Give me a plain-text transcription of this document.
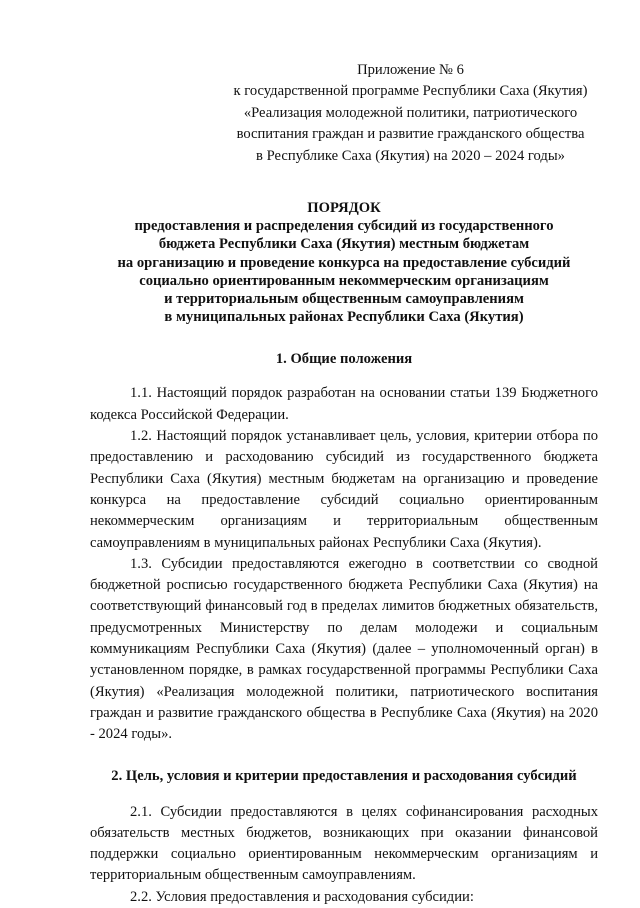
Приложение № 6
к государственной программе Республики Саха (Якутия)
«Реализация молодежной политики, патриотического
воспитания граждан и развитие гражданского общества
в Республике Саха (Якутия) на 2020 – 2024 годы»
ПОРЯДОК
предоставления и распределения субсидий из государственного
бюджета Республики Саха (Якутия) местным бюджетам
на организацию и проведение конкурса на предоставление субсидий
социально ориентированным некоммерческим организациям
и территориальным общественным самоуправлениям
в муниципальных районах Республики Саха (Якутия)
1. Общие положения

1.1. Настоящий порядок разработан на основании статьи 139 Бюджетного кодекса Российской Федерации.

1.2. Настоящий порядок устанавливает цель, условия, критерии отбора по предоставлению и расходованию субсидий из государственного бюджета Республики Саха (Якутия) местным бюджетам на организацию и проведение конкурса на предоставление субсидий социально ориентированным некоммерческим организациям и территориальным общественным самоуправлениям в муниципальных районах Республики Саха (Якутия).

1.3. Субсидии предоставляются ежегодно в соответствии со сводной бюджетной росписью государственного бюджета Республики Саха (Якутия) на соответствующий финансовый год в пределах лимитов бюджетных обязательств, предусмотренных Министерству по делам молодежи и социальным коммуникациям Республики Саха (Якутия) (далее – уполномоченный орган) в установленном порядке, в рамках государственной программы Республики Саха (Якутия) «Реализация молодежной политики, патриотического воспитания граждан и развитие гражданского общества в Республике Саха (Якутия) на 2020 - 2024 годы».

2. Цель, условия и критерии предоставления и расходования субсидий

2.1. Субсидии предоставляются в целях софинансирования расходных обязательств местных бюджетов, возникающих при оказании финансовой поддержки социально ориентированным некоммерческим организациям и территориальным общественным самоуправлениям.

2.2. Условия предоставления и расходования субсидии:
